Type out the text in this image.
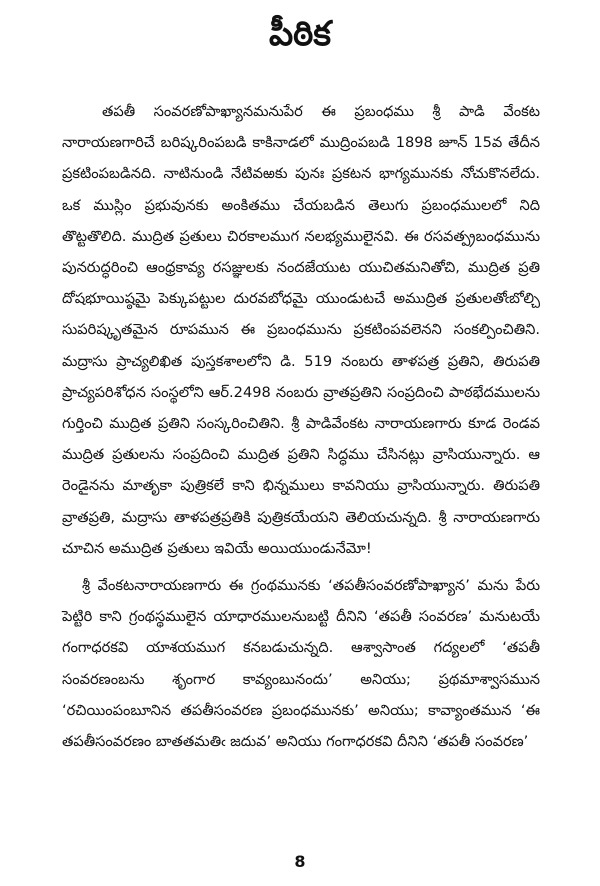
పీఠిక

తపతీ సంవరణోపాఖ్యానమనుపేర ఈ ప్రబంధము శ్రీ పాడి వేంకట నారాయణగారిచే బరిష్కరింపబడి కాకినాడలో ముద్రింపబడి 1898 జూన్ 15వ తేదీన ప్రకటింపబడినది. నాటినుండి నేటివఱకు పునః ప్రకటన భాగ్యమునకు నోచుకొనలేదు. ఒక ముస్లిం ప్రభువునకు అంకితము చేయబడిన తెలుగు ప్రబంధములలో నిది తొట్టతొలిది. ముద్రిత ప్రతులు చిరకాలముగ నలభ్యములైనవి. ఈ రసవత్ప్రబంధమును పునరుద్ధరించి ఆంధ్రకావ్య రసజ్ఞులకు నందజేయుట యుచితమనితోచి, ముద్రిత ప్రతి దోషభూయిష్ఠమై పెక్కుపట్టుల దురవబోధమై యుండుటచే అముద్రిత ప్రతులతోఁబోల్చి సుపరిష్కృతమైన రూపమున ఈ ప్రబంధమును ప్రకటింపవలెనని సంకల్పించితిని. మద్రాసు ప్రాచ్యలిఖిత పుస్తకశాలలోని డి. 519 నంబరు తాళపత్ర ప్రతిని, తిరుపతి ప్రాచ్యపరిశోధన సంస్థలోని ఆర్.2498 నంబరు వ్రాతప్రతిని సంప్రదించి పాఠభేదములను గుర్తించి ముద్రిత ప్రతిని సంస్కరించితిని. శ్రీ పాడివేంకట నారాయణగారు కూడ రెండవ ముద్రిత ప్రతులను సంప్రదించి ముద్రిత ప్రతిని సిద్ధము చేసినట్లు వ్రాసియున్నారు. ఆ రెండైనను మాతృకా పుత్రికలే కాని భిన్నములు కావనియు వ్రాసియున్నారు. తిరుపతి వ్రాతప్రతి, మద్రాసు తాళపత్రప్రతికి పుత్రికయేయని తెలియచున్నది. శ్రీ నారాయణగారు చూచిన అముద్రిత ప్రతులు ఇవియే అయియుండునేమో!

శ్రీ వేంకటనారాయణగారు ఈ గ్రంథమునకు ‘తపతీసంవరణోపాఖ్యాన’ మను పేరు పెట్టిరి కాని గ్రంథస్థములైన యాధారములనుబట్టి దీనిని ‘తపతీ సంవరణ’ మనుటయే గంగాధరకవి యాశయముగ కనబడుచున్నది. ఆశ్వాసాంత గద్యలలో ‘తపతీ సంవరణంబను శృంగార కావ్యంబునందు’ అనియు; ప్రథమాశ్వాసమున ‘రచియింపంబూనిన తపతీసంవరణ ప్రబంధమునకు’ అనియు; కావ్యాంతమున ‘ఈ తపతీసంవరణం బాతతమతిఁ జదువ’ అనియు గంగాధరకవి దీనిని ‘తపతీ సంవరణ’

8
